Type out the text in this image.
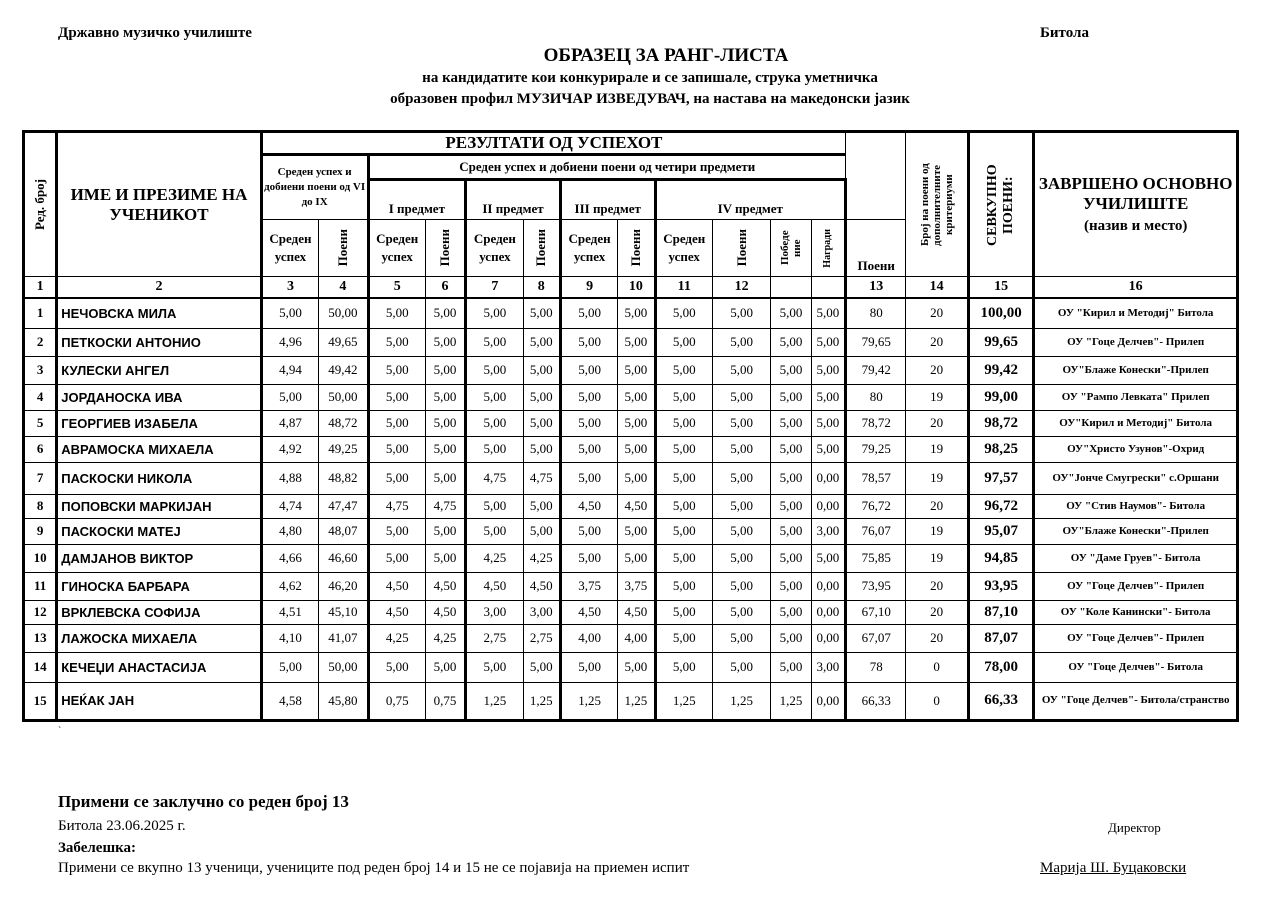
Државно музичко училиште	Битола
ОБРАЗЕЦ ЗА РАНГ-ЛИСТА
на кандидатите кои конкурирале и се запишале, струка уметничка
образовен профил МУЗИЧАР ИЗВЕДУВАЧ, на настава на македонски јазик
Ред. број	ИМЕ И ПРЕЗИМЕ НА УЧЕНИКОТ	РЕЗУЛТАТИ ОД УСПЕХОТ													Број на поени од дополнителните критериуми	СЕВКУПНО ПОЕНИ:	ЗАВРШЕНО ОСНОВНО УЧИЛИШТЕ
(назив и место)

		Среден успех и добиени поени од VI до IX		Среден успех и добиени поени од четири предмети													
				I предмет		II предмет		III предмет		IV предмет							
		Среден успех	Поени	Среден успех	Поени	Среден успех	Поени	Среден успех	Поени	Среден успех	Поени	Победе ние	Награди	Поени			
1	2	3	4	5	6	7	8	9	10	11	12			13	14	15	16
1	НЕЧОВСКА МИЛА	5,00	50,00	5,00	5,00	5,00	5,00	5,00	5,00	5,00	5,00	5,00	5,00	80	20	100,00	ОУ "Кирил и Методиј" Битола
2	ПЕТКОСКИ АНТОНИО	4,96	49,65	5,00	5,00	5,00	5,00	5,00	5,00	5,00	5,00	5,00	5,00	79,65	20	99,65	ОУ "Гоце Делчев"- Прилеп
3	КУЛЕСКИ АНГЕЛ	4,94	49,42	5,00	5,00	5,00	5,00	5,00	5,00	5,00	5,00	5,00	5,00	79,42	20	99,42	ОУ"Блаже Конески"-Прилеп
4	ЈОРДАНОСКА ИВА	5,00	50,00	5,00	5,00	5,00	5,00	5,00	5,00	5,00	5,00	5,00	5,00	80	19	99,00	ОУ "Рампо Левката" Прилеп
5	ГЕОРГИЕВ ИЗАБЕЛА	4,87	48,72	5,00	5,00	5,00	5,00	5,00	5,00	5,00	5,00	5,00	5,00	78,72	20	98,72	ОУ"Кирил и Методиј" Битола
6	АВРАМОСКА МИХАЕЛА	4,92	49,25	5,00	5,00	5,00	5,00	5,00	5,00	5,00	5,00	5,00	5,00	79,25	19	98,25	ОУ"Христо Узунов"-Охрид
7	ПАСКОСКИ НИКОЛА	4,88	48,82	5,00	5,00	4,75	4,75	5,00	5,00	5,00	5,00	5,00	0,00	78,57	19	97,57	ОУ"Јонче Смугрески" с.Оршани
8	ПОПОВСКИ МАРКИЈАН	4,74	47,47	4,75	4,75	5,00	5,00	4,50	4,50	5,00	5,00	5,00	0,00	76,72	20	96,72	ОУ "Стив Наумов"- Битола
9	ПАСКОСКИ МАТЕЈ	4,80	48,07	5,00	5,00	5,00	5,00	5,00	5,00	5,00	5,00	5,00	3,00	76,07	19	95,07	ОУ"Блаже Конески"-Прилеп
10	ДАМЈАНОВ ВИКТОР	4,66	46,60	5,00	5,00	4,25	4,25	5,00	5,00	5,00	5,00	5,00	5,00	75,85	19	94,85	ОУ "Даме Груев"- Битола
11	ГИНОСКА БАРБАРА	4,62	46,20	4,50	4,50	4,50	4,50	3,75	3,75	5,00	5,00	5,00	0,00	73,95	20	93,95	ОУ "Гоце Делчев"- Прилеп
12	ВРКЛЕВСКА СОФИЈА	4,51	45,10	4,50	4,50	3,00	3,00	4,50	4,50	5,00	5,00	5,00	0,00	67,10	20	87,10	ОУ "Коле Канински"- Битола
13	ЛАЖОСКА МИХАЕЛА	4,10	41,07	4,25	4,25	2,75	2,75	4,00	4,00	5,00	5,00	5,00	0,00	67,07	20	87,07	ОУ "Гоце Делчев"- Прилеп
14	КЕЧЕЏИ АНАСТАСИЈА	5,00	50,00	5,00	5,00	5,00	5,00	5,00	5,00	5,00	5,00	5,00	3,00	78	0	78,00	ОУ "Гоце Делчев"- Битола
15	НЕЌАК ЈАН	4,58	45,80	0,75	0,75	1,25	1,25	1,25	1,25	1,25	1,25	1,25	0,00	66,33	0	66,33	ОУ "Гоце Делчев"- Битола/странство
`
Примени се заклучно со реден број 13
Битола 23.06.2025 г.	Директор
Забелешка:
Примени се вкупно 13 ученици, учениците под реден број 14 и 15 не се појавија на приемен испит	Марија Ш. Буцаковски
